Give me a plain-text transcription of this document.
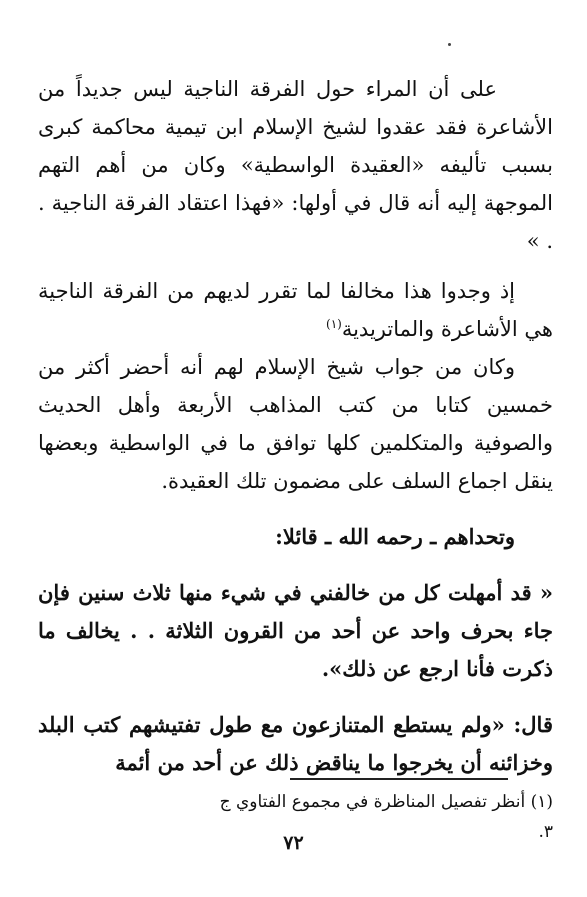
على أن المراء حول الفرقة الناجية ليس جديداً من الأشاعرة فقد عقدوا لشيخ الإسلام ابن تيمية محاكمة كبرى بسبب تأليفه «العقيدة الواسطية» وكان من أهم التهم الموجهة إليه أنه قال في أولها: «فهذا اعتقاد الفرقة الناجية . . »

إذ وجدوا هذا مخالفا لما تقرر لديهم من الفرقة الناجية هي الأشاعرة والماتريدية$^{(١)}$

وكان من جواب شيخ الإسلام لهم أنه أحضر أكثر من خمسين كتابا من كتب المذاهب الأربعة وأهل الحديث والصوفية والمتكلمين كلها توافق ما في الواسطية وبعضها ينقل اجماع السلف على مضمون تلك العقيدة.

وتحداهم ـ رحمه الله ـ قائلا:

« قد أمهلت كل من خالفني في شيء منها ثلاث سنين فإن جاء بحرف واحد عن أحد من القرون الثلاثة . . يخالف ما ذكرت فأنا ارجع عن ذلك».

قال: «ولم يستطع المتنازعون مع طول تفتيشهم كتب البلد وخزائنه أن يخرجوا ما يناقض ذلك عن أحد من أئمة

(١) أنظر تفصيل المناظرة في مجموع الفتاوي ج ٣.
٧٢
